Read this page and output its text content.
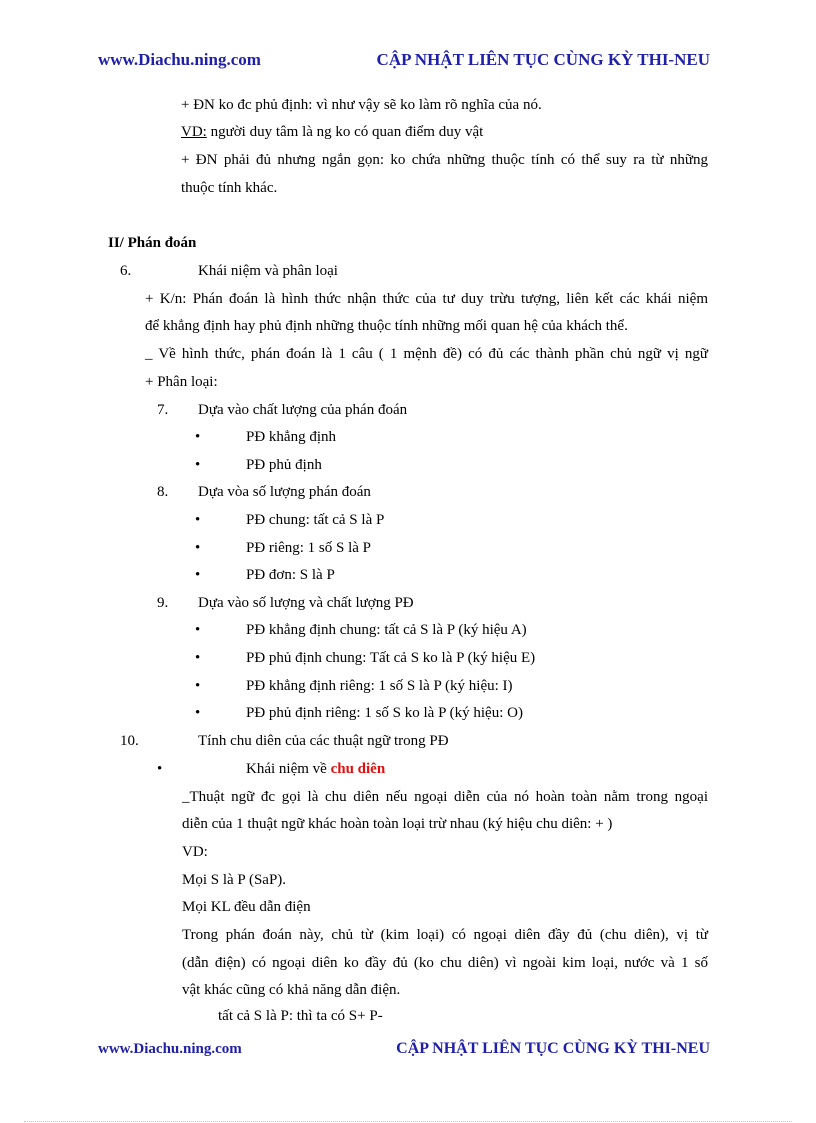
www.Diachu.ning.com	CẬP NHẬT LIÊN TỤC CÙNG KỲ THI-NEU
+ ĐN ko đc phủ định: vì như vậy sẽ ko làm rõ nghĩa của nó.
VD: người duy tâm là ng ko có quan điểm duy vật
+ ĐN phải đủ nhưng ngắn gọn: ko chứa những thuộc tính có thể suy ra từ những
thuộc tính khác.
II/ Phán đoán
6.	Khái niệm và phân loại
+ K/n: Phán đoán là hình thức nhận thức của tư duy trừu tượng, liên kết các khái niệm
để khẳng định hay phủ định những thuộc tính những mối quan hệ của khách thể.
_ Về hình thức, phán đoán là 1 câu ( 1 mệnh đề) có đủ các thành phần chủ ngữ vị ngữ
+ Phân loại:
7. Dựa vào chất lượng của phán đoán
•	PĐ khẳng định
•	PĐ phủ định
8. Dựa vòa số lượng phán đoán
•	PĐ chung: tất cả S là P
•	PĐ riêng: 1 số S là P
•	PĐ đơn: S là P
9. Dựa vào số lượng và chất lượng PĐ
•	PĐ khẳng định chung: tất cả S là P (ký hiệu A)
•	PĐ phủ định chung: Tất cả S ko là P (ký hiệu E)
•	PĐ khẳng định riêng: 1 số S là P (ký hiệu: I)
•	PĐ phủ định riêng: 1 số S ko là P (ký hiệu: O)
10.	Tính chu diên của các thuật ngữ trong PĐ
•	Khái niệm về chu diên
_Thuật ngữ đc gọi là chu diên nếu ngoại diễn của nó hoàn toàn nằm trong ngoại
diễn của 1 thuật ngữ khác hoàn toàn loại trừ nhau (ký hiệu chu diên: + )
VD:
Mọi S là P (SaP).
Mọi KL đều dẫn điện
Trong phán đoán này, chủ từ (kim loại) có ngoại diên đầy đủ (chu diên), vị từ
(dẫn điện) có ngoại diên ko đầy đủ (ko chu diên) vì ngoài kim loại, nước và 1 số
vật khác cũng có khả năng dẫn điện.
tất cả S là P: thì ta có S+ P-
www.Diachu.ning.com	CẬP NHẬT LIÊN TỤC CÙNG KỲ THI-NEU
